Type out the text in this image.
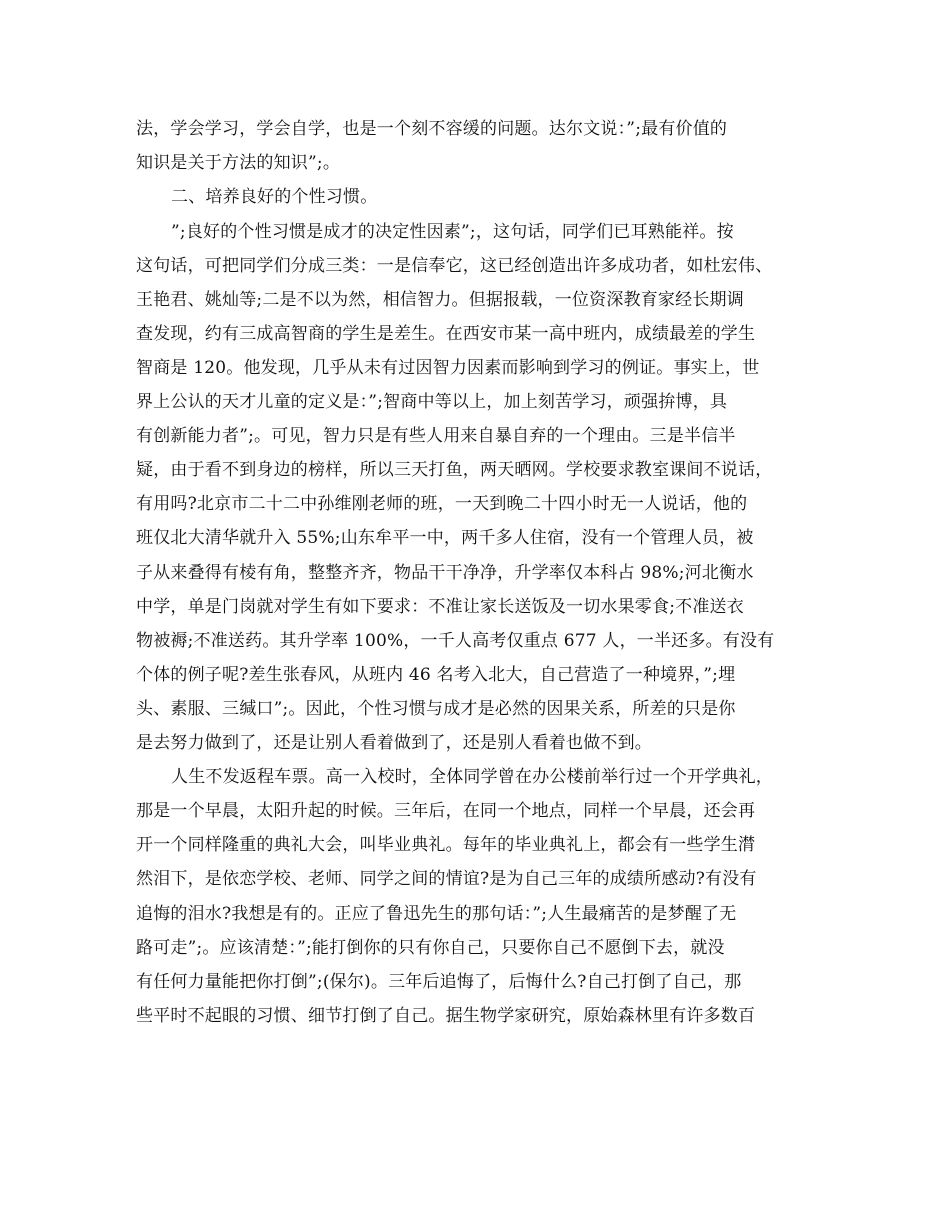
法，学会学习，学会自学，也是一个刻不容缓的问题。达尔文说：”;最有价值的
知识是关于方法的知识”;。
二、培养良好的个性习惯。
”;良好的个性习惯是成才的决定性因素”;，这句话，同学们已耳熟能祥。按
这句话，可把同学们分成三类：一是信奉它，这已经创造出许多成功者，如杜宏伟、
王艳君、姚灿等;二是不以为然，相信智力。但据报载，一位资深教育家经长期调
查发现，约有三成高智商的学生是差生。在西安市某一高中班内，成绩最差的学生
智商是 120。他发现，几乎从未有过因智力因素而影响到学习的例证。事实上，世
界上公认的天才儿童的定义是：”;智商中等以上，加上刻苦学习，顽强拚博，具
有创新能力者”;。可见，智力只是有些人用来自暴自弃的一个理由。三是半信半
疑，由于看不到身边的榜样，所以三天打鱼，两天晒网。学校要求教室课间不说话，
有用吗?北京市二十二中孙维刚老师的班，一天到晚二十四小时无一人说话，他的
班仅北大清华就升入 55%;山东牟平一中，两千多人住宿，没有一个管理人员，被
子从来叠得有棱有角，整整齐齐，物品干干净净，升学率仅本科占 98%;河北衡水
中学，单是门岗就对学生有如下要求：不准让家长送饭及一切水果零食;不准送衣
物被褥;不准送药。其升学率 100%，一千人高考仅重点 677 人，一半还多。有没有
个体的例子呢?差生张春风，从班内 46 名考入北大，自己营造了一种境界，”;埋
头、素服、三缄口”;。因此，个性习惯与成才是必然的因果关系，所差的只是你
是去努力做到了，还是让别人看着做到了，还是别人看着也做不到。
人生不发返程车票。高一入校时，全体同学曾在办公楼前举行过一个开学典礼，
那是一个早晨，太阳升起的时候。三年后，在同一个地点，同样一个早晨，还会再
开一个同样隆重的典礼大会，叫毕业典礼。每年的毕业典礼上，都会有一些学生潸
然泪下，是依恋学校、老师、同学之间的情谊?是为自己三年的成绩所感动?有没有
追悔的泪水?我想是有的。正应了鲁迅先生的那句话：”;人生最痛苦的是梦醒了无
路可走”;。应该清楚：”;能打倒你的只有你自己，只要你自己不愿倒下去，就没
有任何力量能把你打倒”;(保尔)。三年后追悔了，后悔什么?自己打倒了自己，那
些平时不起眼的习惯、细节打倒了自己。据生物学家研究，原始森林里有许多数百
